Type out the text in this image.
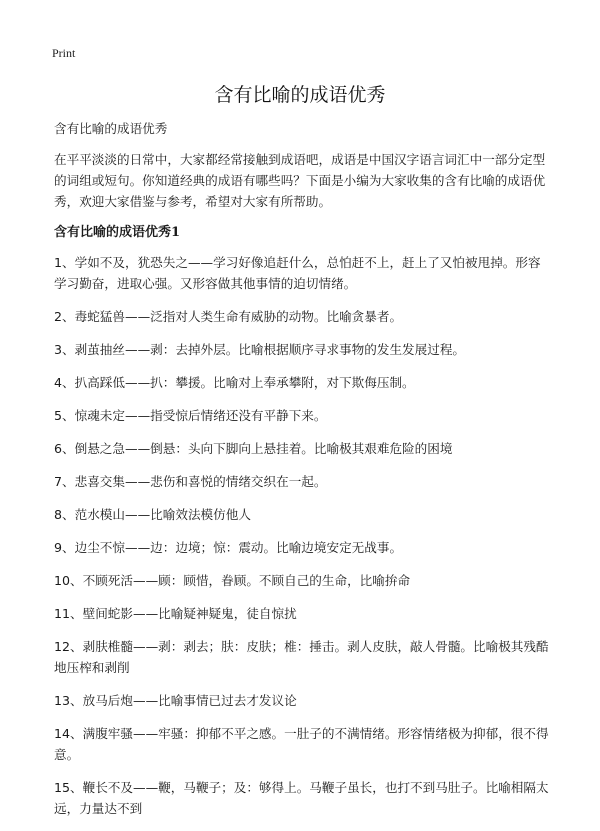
Print
含有比喻的成语优秀

含有比喻的成语优秀

在平平淡淡的日常中，大家都经常接触到成语吧，成语是中国汉字语言词汇中一部分定型的词组或短句。你知道经典的成语有哪些吗？下面是小编为大家收集的含有比喻的成语优秀，欢迎大家借鉴与参考，希望对大家有所帮助。

含有比喻的成语优秀1

1、学如不及，犹恐失之——学习好像追赶什么，总怕赶不上，赶上了又怕被甩掉。形容学习勤奋，进取心强。又形容做其他事情的迫切情绪。
2、毒蛇猛兽——泛指对人类生命有威胁的动物。比喻贪暴者。
3、剥茧抽丝——剥：去掉外层。比喻根据顺序寻求事物的发生发展过程。
4、扒高踩低——扒：攀援。比喻对上奉承攀附，对下欺侮压制。
5、惊魂未定——指受惊后情绪还没有平静下来。
6、倒悬之急——倒悬：头向下脚向上悬挂着。比喻极其艰难危险的困境
7、悲喜交集——悲伤和喜悦的情绪交织在一起。
8、范水模山——比喻效法模仿他人
9、边尘不惊——边：边境；惊：震动。比喻边境安定无战事。
10、不顾死活——顾：顾惜，眷顾。不顾自己的生命，比喻拚命
11、壁间蛇影——比喻疑神疑鬼，徒自惊扰
12、剥肤椎髓——剥：剥去；肤：皮肤；椎：捶击。剥人皮肤，敲人骨髓。比喻极其残酷地压榨和剥削
13、放马后炮——比喻事情已过去才发议论
14、满腹牢骚——牢骚：抑郁不平之感。一肚子的不满情绪。形容情绪极为抑郁，很不得意。
15、鞭长不及——鞭，马鞭子；及：够得上。马鞭子虽长，也打不到马肚子。比喻相隔太远，力量达不到
